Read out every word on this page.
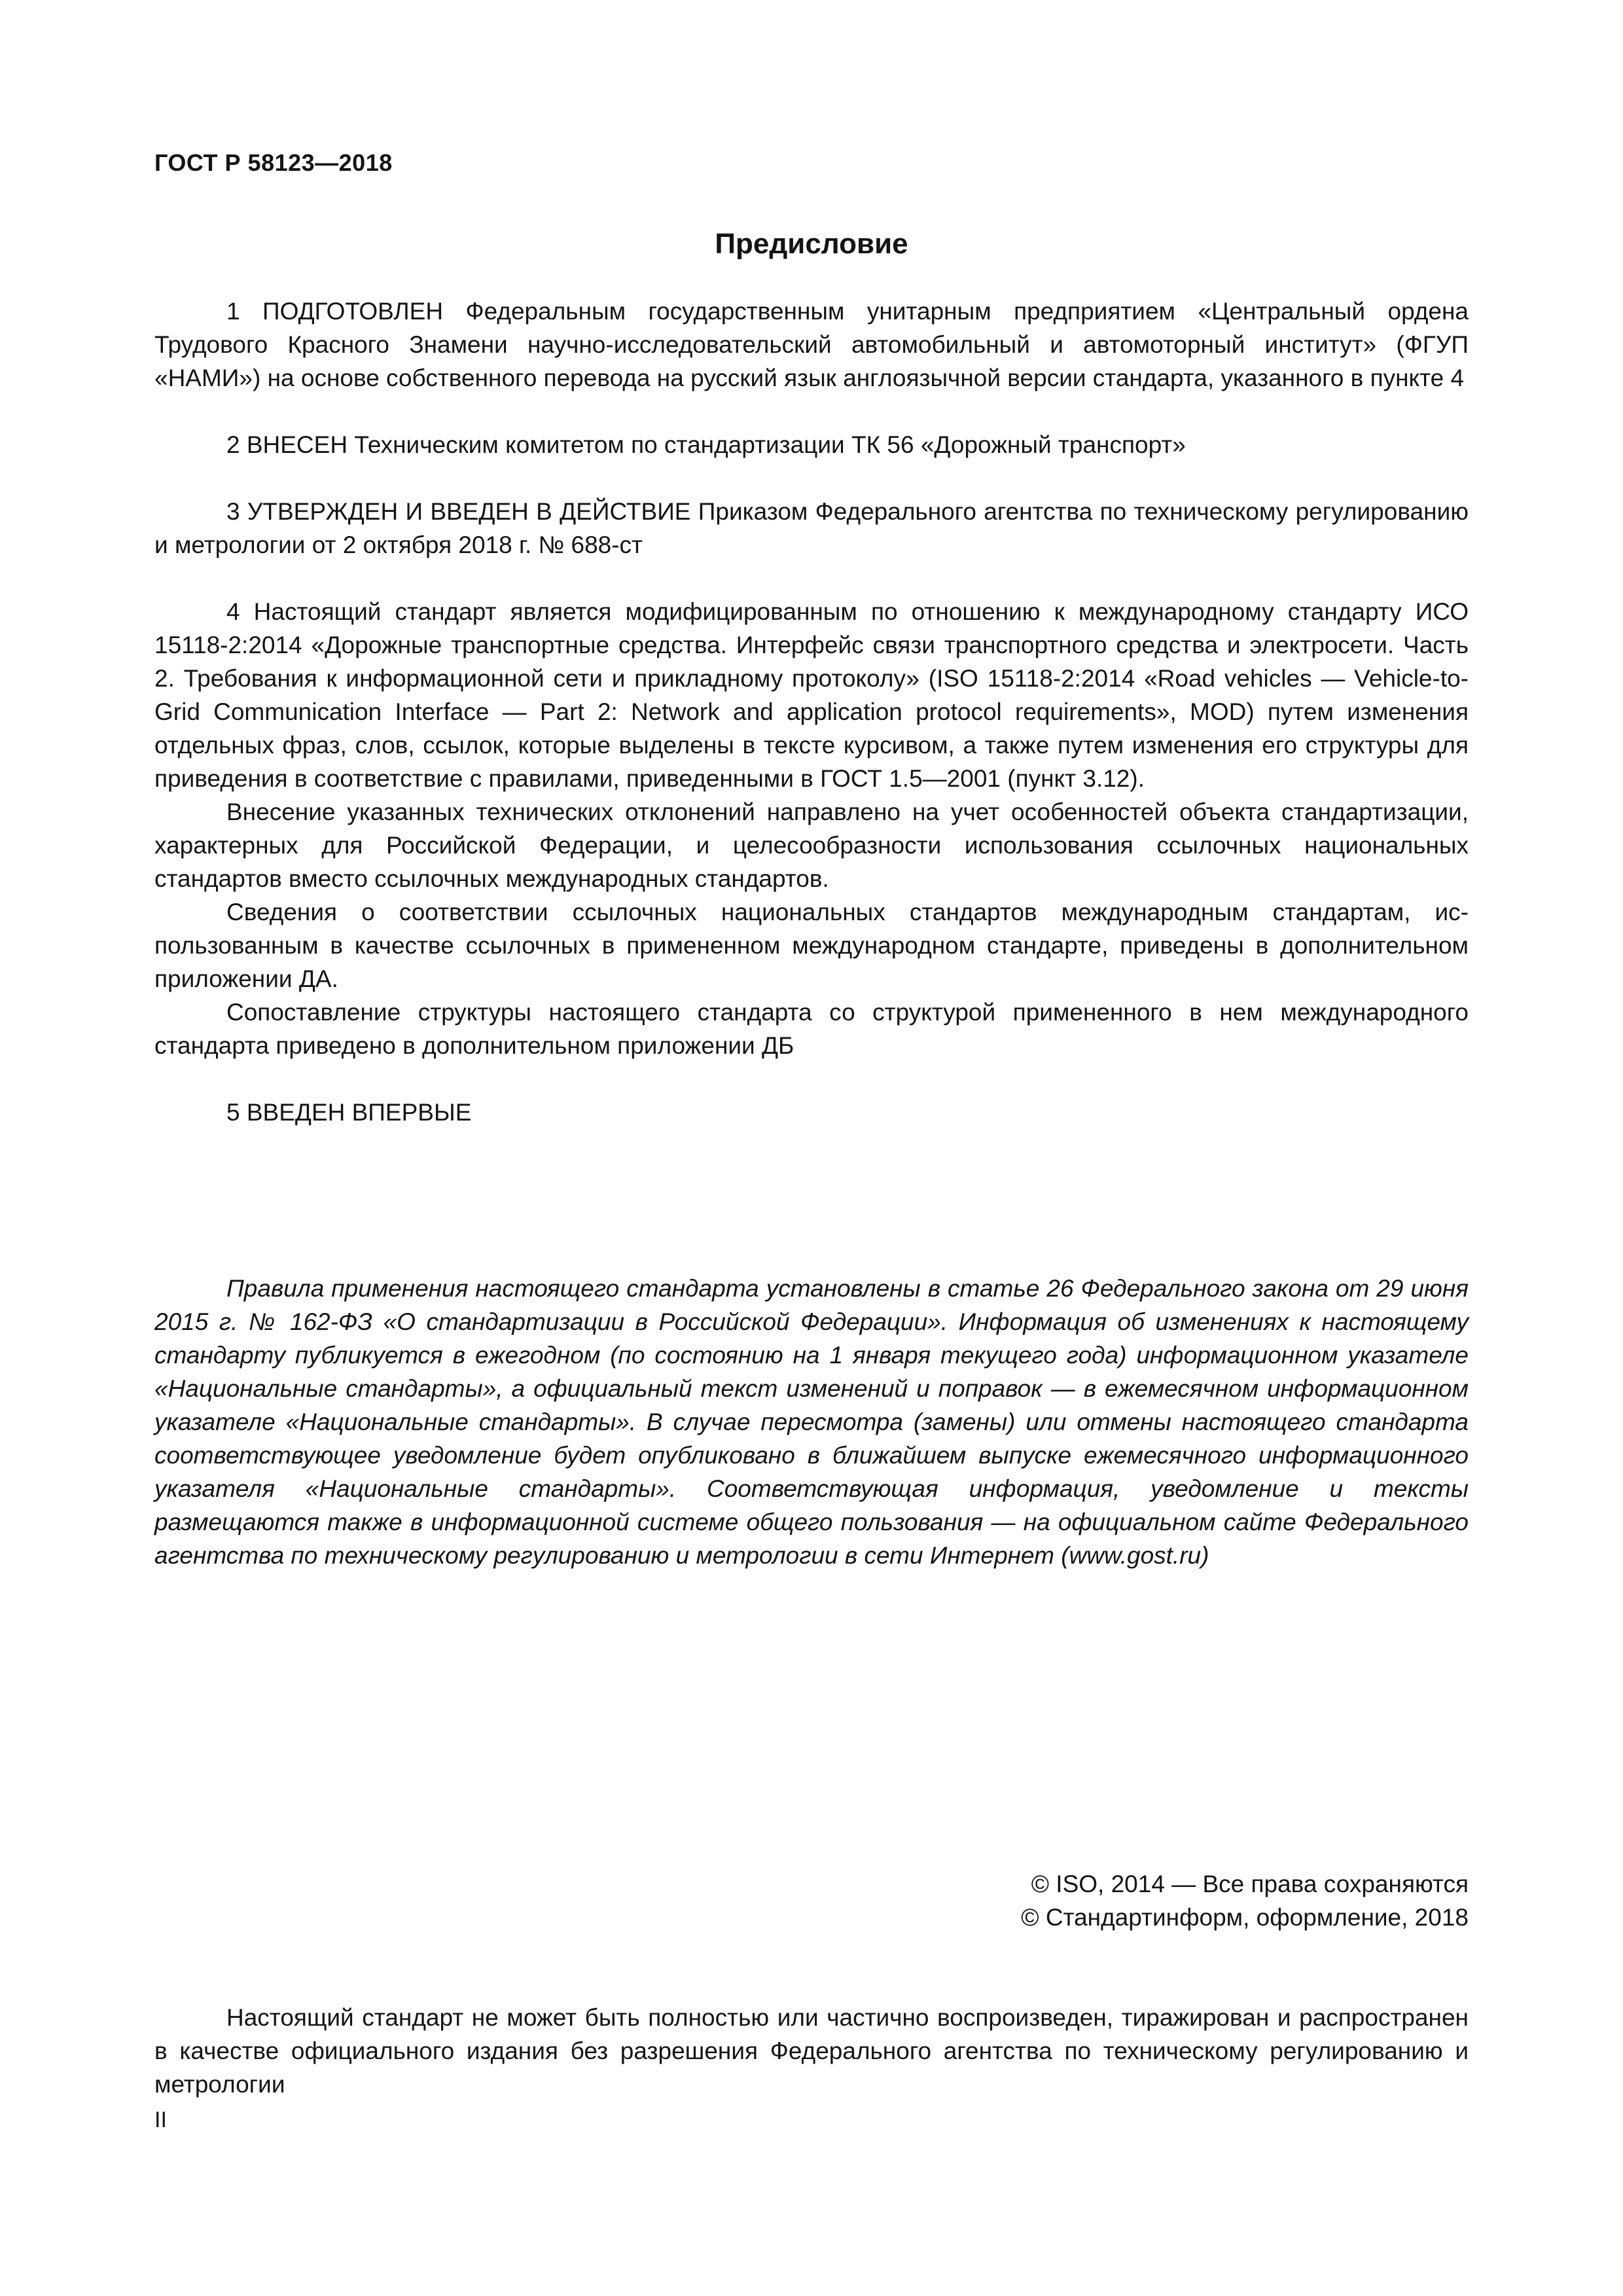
ГОСТ Р 58123—2018
Предисловие

1 ПОДГОТОВЛЕН Федеральным государственным унитарным предприятием «Центральный ордена Трудового Красного Знамени научно-исследовательский автомобильный и автомоторный институт» (ФГУП «НАМИ») на основе собственного перевода на русский язык англоязычной версии стандарта, указанного в пункте 4

2 ВНЕСЕН Техническим комитетом по стандартизации ТК 56 «Дорожный транспорт»

3 УТВЕРЖДЕН И ВВЕДЕН В ДЕЙСТВИЕ Приказом Федерального агентства по техническому регулированию и метрологии от 2 октября 2018 г. № 688-ст

4 Настоящий стандарт является модифицированным по отношению к международному стандарту ИСО 15118-2:2014 «Дорожные транспортные средства. Интерфейс связи транспортного средства и электросети. Часть 2. Требования к информационной сети и прикладному протоколу» (ISO 15118-2:2014 «Road vehicles — Vehicle-to-Grid Communication Interface — Part 2: Network and application protocol requirements», MOD) путем изменения отдельных фраз, слов, ссылок, которые выделены в тексте курсивом, а также путем изменения его структуры для приведения в соответствие с правилами, приведенными в ГОСТ 1.5—2001 (пункт 3.12).

Внесение указанных технических отклонений направлено на учет особенностей объекта стандартизации, характерных для Российской Федерации, и целесообразности использования ссылочных национальных стандартов вместо ссылочных международных стандартов.

Сведения о соответствии ссылочных национальных стандартов международным стандартам, использованным в качестве ссылочных в примененном международном стандарте, приведены в дополнительном приложении ДА.

Сопоставление структуры настоящего стандарта со структурой примененного в нем международного стандарта приведено в дополнительном приложении ДБ

5 ВВЕДЕН ВПЕРВЫЕ

Правила применения настоящего стандарта установлены в статье 26 Федерального закона от 29 июня 2015 г. № 162-ФЗ «О стандартизации в Российской Федерации». Информация об изменениях к настоящему стандарту публикуется в ежегодном (по состоянию на 1 января текущего года) информационном указателе «Национальные стандарты», а официальный текст изменений и поправок — в ежемесячном информационном указателе «Национальные стандарты». В случае пересмотра (замены) или отмены настоящего стандарта соответствующее уведомление будет опубликовано в ближайшем выпуске ежемесячного информационного указателя «Национальные стандарты». Соответствующая информация, уведомление и тексты размещаются также в информационной системе общего пользования — на официальном сайте Федерального агентства по техническому регулированию и метрологии в сети Интернет (www.gost.ru)

© ISO, 2014 — Все права сохраняются
© Стандартинформ, оформление, 2018

Настоящий стандарт не может быть полностью или частично воспроизведен, тиражирован и распространен в качестве официального издания без разрешения Федерального агентства по техническому регулированию и метрологии

II
